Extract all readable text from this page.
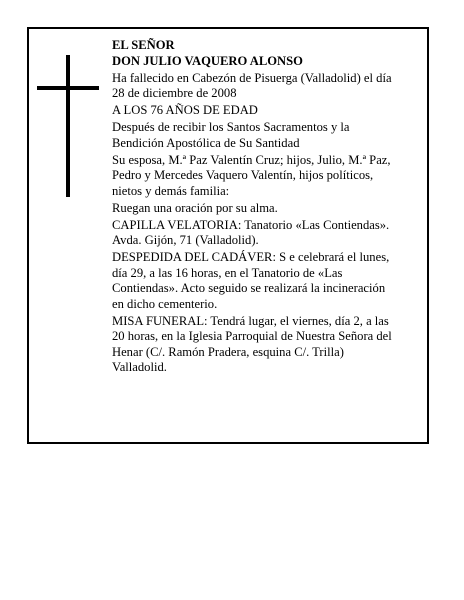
EL SEÑOR
DON JULIO VAQUERO ALONSO
Ha fallecido en Cabezón de Pisuerga (Valladolid) el día
28 de diciembre de 2008
A LOS 76 AÑOS DE EDAD
Después de recibir los Santos Sacramentos y la
Bendición Apostólica de Su Santidad
Su esposa, M.ª Paz Valentín Cruz; hijos, Julio, M.ª Paz,
Pedro y Mercedes Vaquero Valentín, hijos políticos,
nietos y demás familia:
Ruegan una oración por su alma.
CAPILLA VELATORIA: Tanatorio «Las Contiendas».
Avda. Gijón, 71 (Valladolid).
DESPEDIDA DEL CADÁVER: S e celebrará el lunes,
día 29, a las 16 horas, en el Tanatorio de «Las
Contiendas». Acto seguido se realizará la incineración
en dicho cementerio.
MISA FUNERAL: Tendrá lugar, el viernes, día 2, a las
20 horas, en la Iglesia Parroquial de Nuestra Señora del
Henar (C/. Ramón Pradera, esquina C/. Trilla)
Valladolid.
